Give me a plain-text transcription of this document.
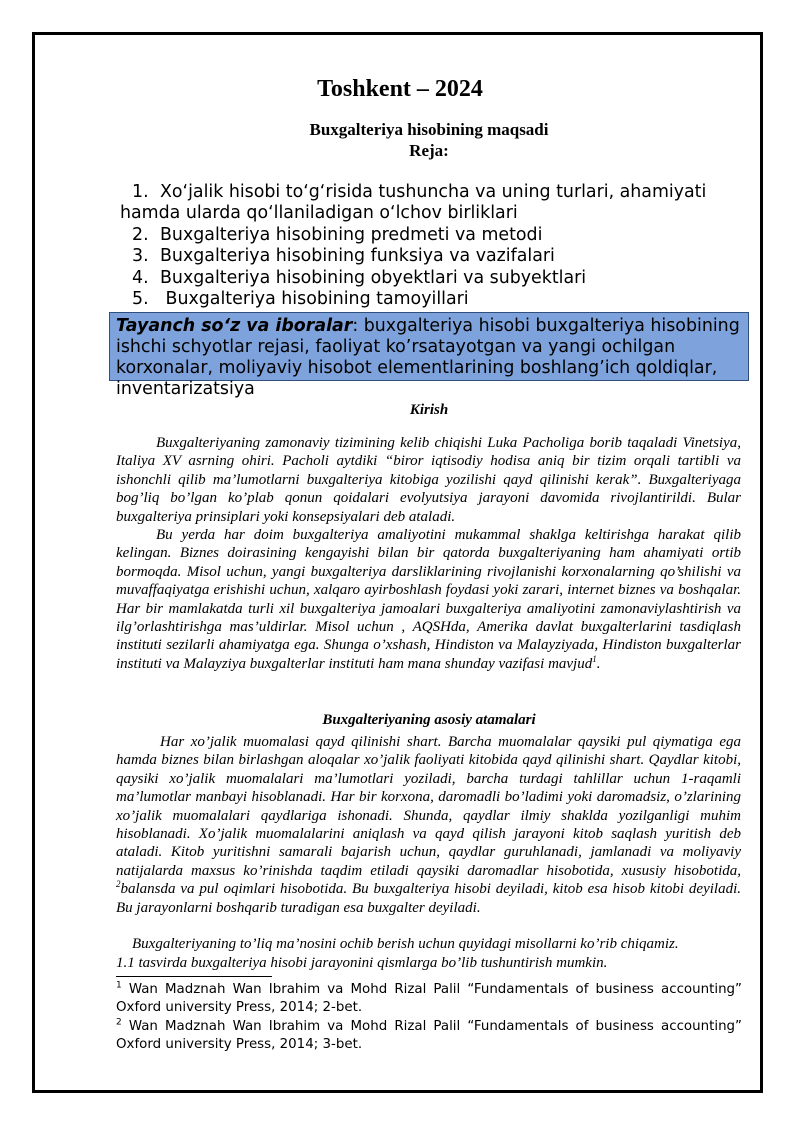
Toshkent – 2024
Buxgalteriya hisobining maqsadi
Reja:
1. Xo‘jalik hisobi to‘g‘risida tushuncha va uning turlari, ahamiyati hamda ularda qo‘llaniladigan o‘lchov birliklari
2. Buxgalteriya hisobining predmeti va metodi
3. Buxgalteriya hisobining funksiya va vazifalari
4. Buxgalteriya hisobining obyektlari va subyektlari
5. Buxgalteriya hisobining tamoyillari
Tayanch so‘z va iboralar: buxgalteriya hisobi buxgalteriya hisobining ishchi schyotlar rejasi, faoliyat ko’rsatayotgan va yangi ochilgan korxonalar, moliyaviy hisobot elementlarining boshlang’ich qoldiqlar, inventarizatsiya
Kirish

Buxgalteriyaning zamonaviy tizimining kelib chiqishi Luka Pacholiga borib taqaladi Vinetsiya, Italiya XV asrning ohiri. Pacholi aytdiki “biror iqtisodiy hodisa aniq bir tizim orqali tartibli va ishonchli qilib ma’lumotlarni buxgalteriya kitobiga yozilishi qayd qilinishi kerak”. Buxgalteriyaga bog’liq bo’lgan ko’plab qonun qoidalari evolyutsiya jarayoni davomida rivojlantirildi. Bular buxgalteriya prinsiplari yoki konsepsiyalari deb ataladi.

Bu yerda har doim buxgalteriya amaliyotini mukammal shaklga keltirishga harakat qilib kelingan. Biznes doirasining kengayishi bilan bir qatorda buxgalteriyaning ham ahamiyati ortib bormoqda. Misol uchun, yangi buxgalteriya darsliklarining rivojlanishi korxonalarning qo’shilishi va muvaffaqiyatga erishishi uchun, xalqaro ayirboshlash foydasi yoki zarari, internet biznes va boshqalar. Har bir mamlakatda turli xil buxgalteriya jamoalari buxgalteriya amaliyotini zamonaviylashtirish va ilg’orlashtirishga mas’uldirlar. Misol uchun , AQSHda, Amerika davlat buxgalterlarini tasdiqlash instituti sezilarli ahamiyatga ega. Shunga o’xshash, Hindiston va Malayziyada, Hindiston buxgalterlar instituti va Malayziya buxgalterlar instituti ham mana shunday vazifasi mavjud$^1$.

Buxgalteriyaning asosiy atamalari

Har xo’jalik muomalasi qayd qilinishi shart. Barcha muomalalar qaysiki pul qiymatiga ega hamda biznes bilan birlashgan aloqalar xo’jalik faoliyati kitobida qayd qilinishi shart. Qaydlar kitobi, qaysiki xo’jalik muomalalari ma’lumotlari yoziladi, barcha turdagi tahlillar uchun 1-raqamli ma’lumotlar manbayi hisoblanadi. Har bir korxona, daromadli bo’ladimi yoki daromadsiz, o’zlarining xo’jalik muomalalari qaydlariga ishonadi. Shunda, qaydlar ilmiy shaklda yozilganligi muhim hisoblanadi. Xo’jalik muomalalarini aniqlash va qayd qilish jarayoni kitob saqlash yuritish deb ataladi. Kitob yuritishni samarali bajarish uchun, qaydlar guruhlanadi, jamlanadi va moliyaviy natijalarda maxsus ko’rinishda taqdim etiladi qaysiki daromadlar hisobotida, xususiy hisobotida, $^2$balansda va pul oqimlari hisobotida. Bu buxgalteriya hisobi deyiladi, kitob esa hisob kitobi deyiladi. Bu jarayonlarni boshqarib turadigan esa buxgalter deyiladi.

Buxgalteriyaning to’liq ma’nosini ochib berish uchun quyidagi misollarni ko’rib chiqamiz.

1.1 tasvirda buxgalteriya hisobi jarayonini qismlarga bo’lib tushuntirish mumkin.

$^1$ Wan Madznah Wan Ibrahim va Mohd Rizal Palil “Fundamentals of business accounting” Oxford university Press, 2014; 2-bet.

$^2$ Wan Madznah Wan Ibrahim va Mohd Rizal Palil “Fundamentals of business accounting” Oxford university Press, 2014; 3-bet.
